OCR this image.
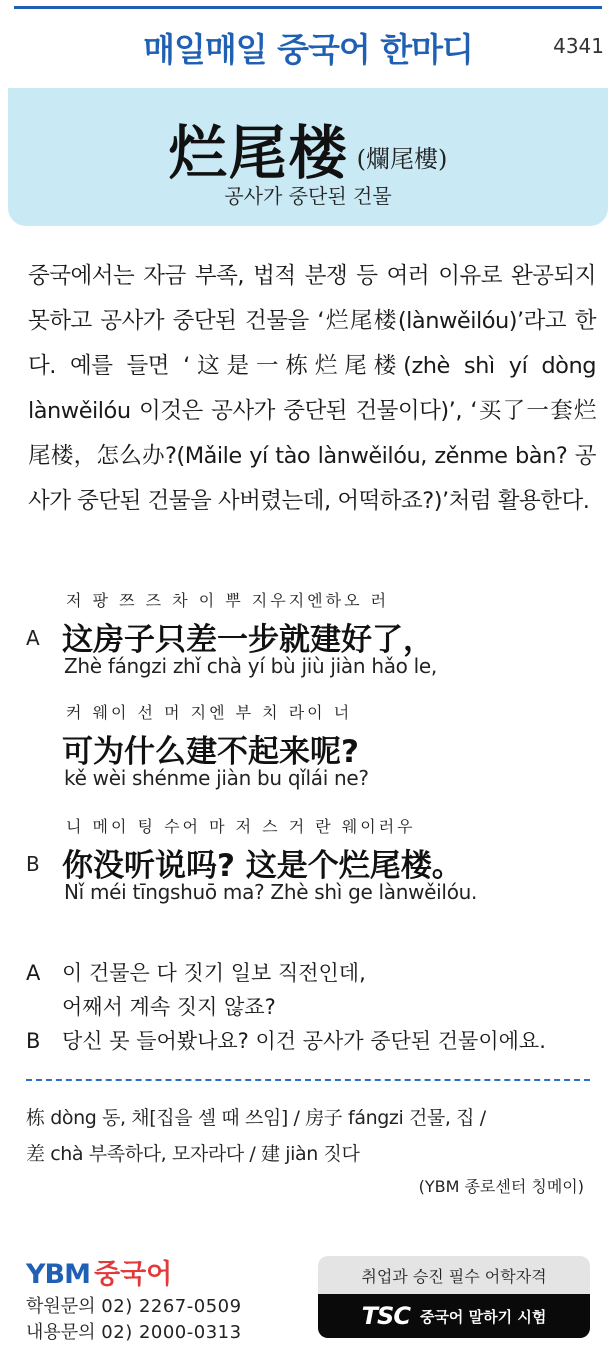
매일매일 중국어 한마디	4341
烂尾楼 (爛尾樓)
공사가 중단된 건물
중국에서는 자금 부족, 법적 분쟁 등 여러 이유로 완공되지 못하고 공사가 중단된 건물을 ‘烂尾楼(lànwěilóu)’라고 한다. 예를 들면 ‘这是一栋烂尾楼(zhè shì yí dòng lànwěilóu 이것은 공사가 중단된 건물이다)’, ‘买了一套烂尾楼，怎么办?(Mǎile yí tào lànwěilóu, zěnme bàn? 공사가 중단된 건물을 사버렸는데, 어떡하죠?)’처럼 활용한다.
저 팡 쯔 즈 차 이 뿌 지우지엔하오 러
A 这房子只差一步就建好了，
Zhè fángzi zhǐ chà yí bù jiù jiàn hǎo le,
커 웨이 선 머 지엔 부 치 라이 너
可为什么建不起来呢?
kě wèi shénme jiàn bu qǐlái ne?
니 메이 팅 수어 마 저 스 거 란 웨이러우
B 你没听说吗? 这是个烂尾楼。
Nǐ méi tīngshuō ma? Zhè shì ge lànwěilóu.
A	이 건물은 다 짓기 일보 직전인데,
어째서 계속 짓지 않죠?
B	당신 못 들어봤나요? 이건 공사가 중단된 건물이에요.
栋 dòng 동, 채[집을 셀 때 쓰임] / 房子 fángzi 건물, 집 /
差 chà 부족하다, 모자라다 / 建 jiàn 짓다
(YBM 종로센터 칭메이)
YBM 중국어
학원문의 02) 2267-0509
내용문의 02) 2000-0313
취업과 승진 필수 어학자격
TSC 중국어 말하기 시험
